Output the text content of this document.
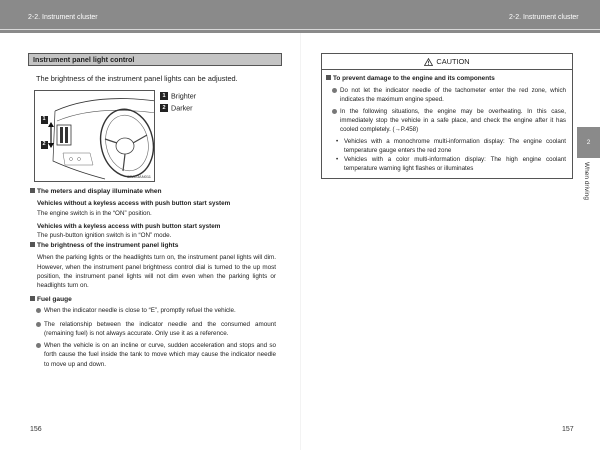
2-2. Instrument cluster	2-2. Instrument cluster
Instrument panel light control
The brightness of the instrument panel lights can be adjusted.
1
2
CTA03AN011
1 Brighter
2 Darker
The meters and display illuminate when
Vehicles without a keyless access with push button start system
The engine switch is in the “ON” position.
Vehicles with a keyless access with push button start system
The push-button ignition switch is in “ON” mode.
The brightness of the instrument panel lights
When the parking lights or the headlights turn on, the instrument panel lights will dim. However, when the instrument panel brightness control dial is turned to the up most position, the instrument panel lights will not dim even when the parking lights or headlights turn on.
Fuel gauge
When the indicator needle is close to “E”, promptly refuel the vehicle.
The relationship between the indicator needle and the consumed amount (remaining fuel) is not always accurate. Only use it as a reference.
When the vehicle is on an incline or curve, sudden acceleration and stops and so forth cause the fuel inside the tank to move which may cause the indicator needle to move up and down.
156
CAUTION
To prevent damage to the engine and its components
Do not let the indicator needle of the tachometer enter the red zone, which indicates the maximum engine speed.
In the following situations, the engine may be overheating. In this case, immediately stop the vehicle in a safe place, and check the engine after it has cooled completely. (→P.458)
• Vehicles with a monochrome multi-information display: The engine coolant temperature gauge enters the red zone
• Vehicles with a color multi-information display: The high engine coolant temperature warning light flashes or illuminates
2
When driving
157
